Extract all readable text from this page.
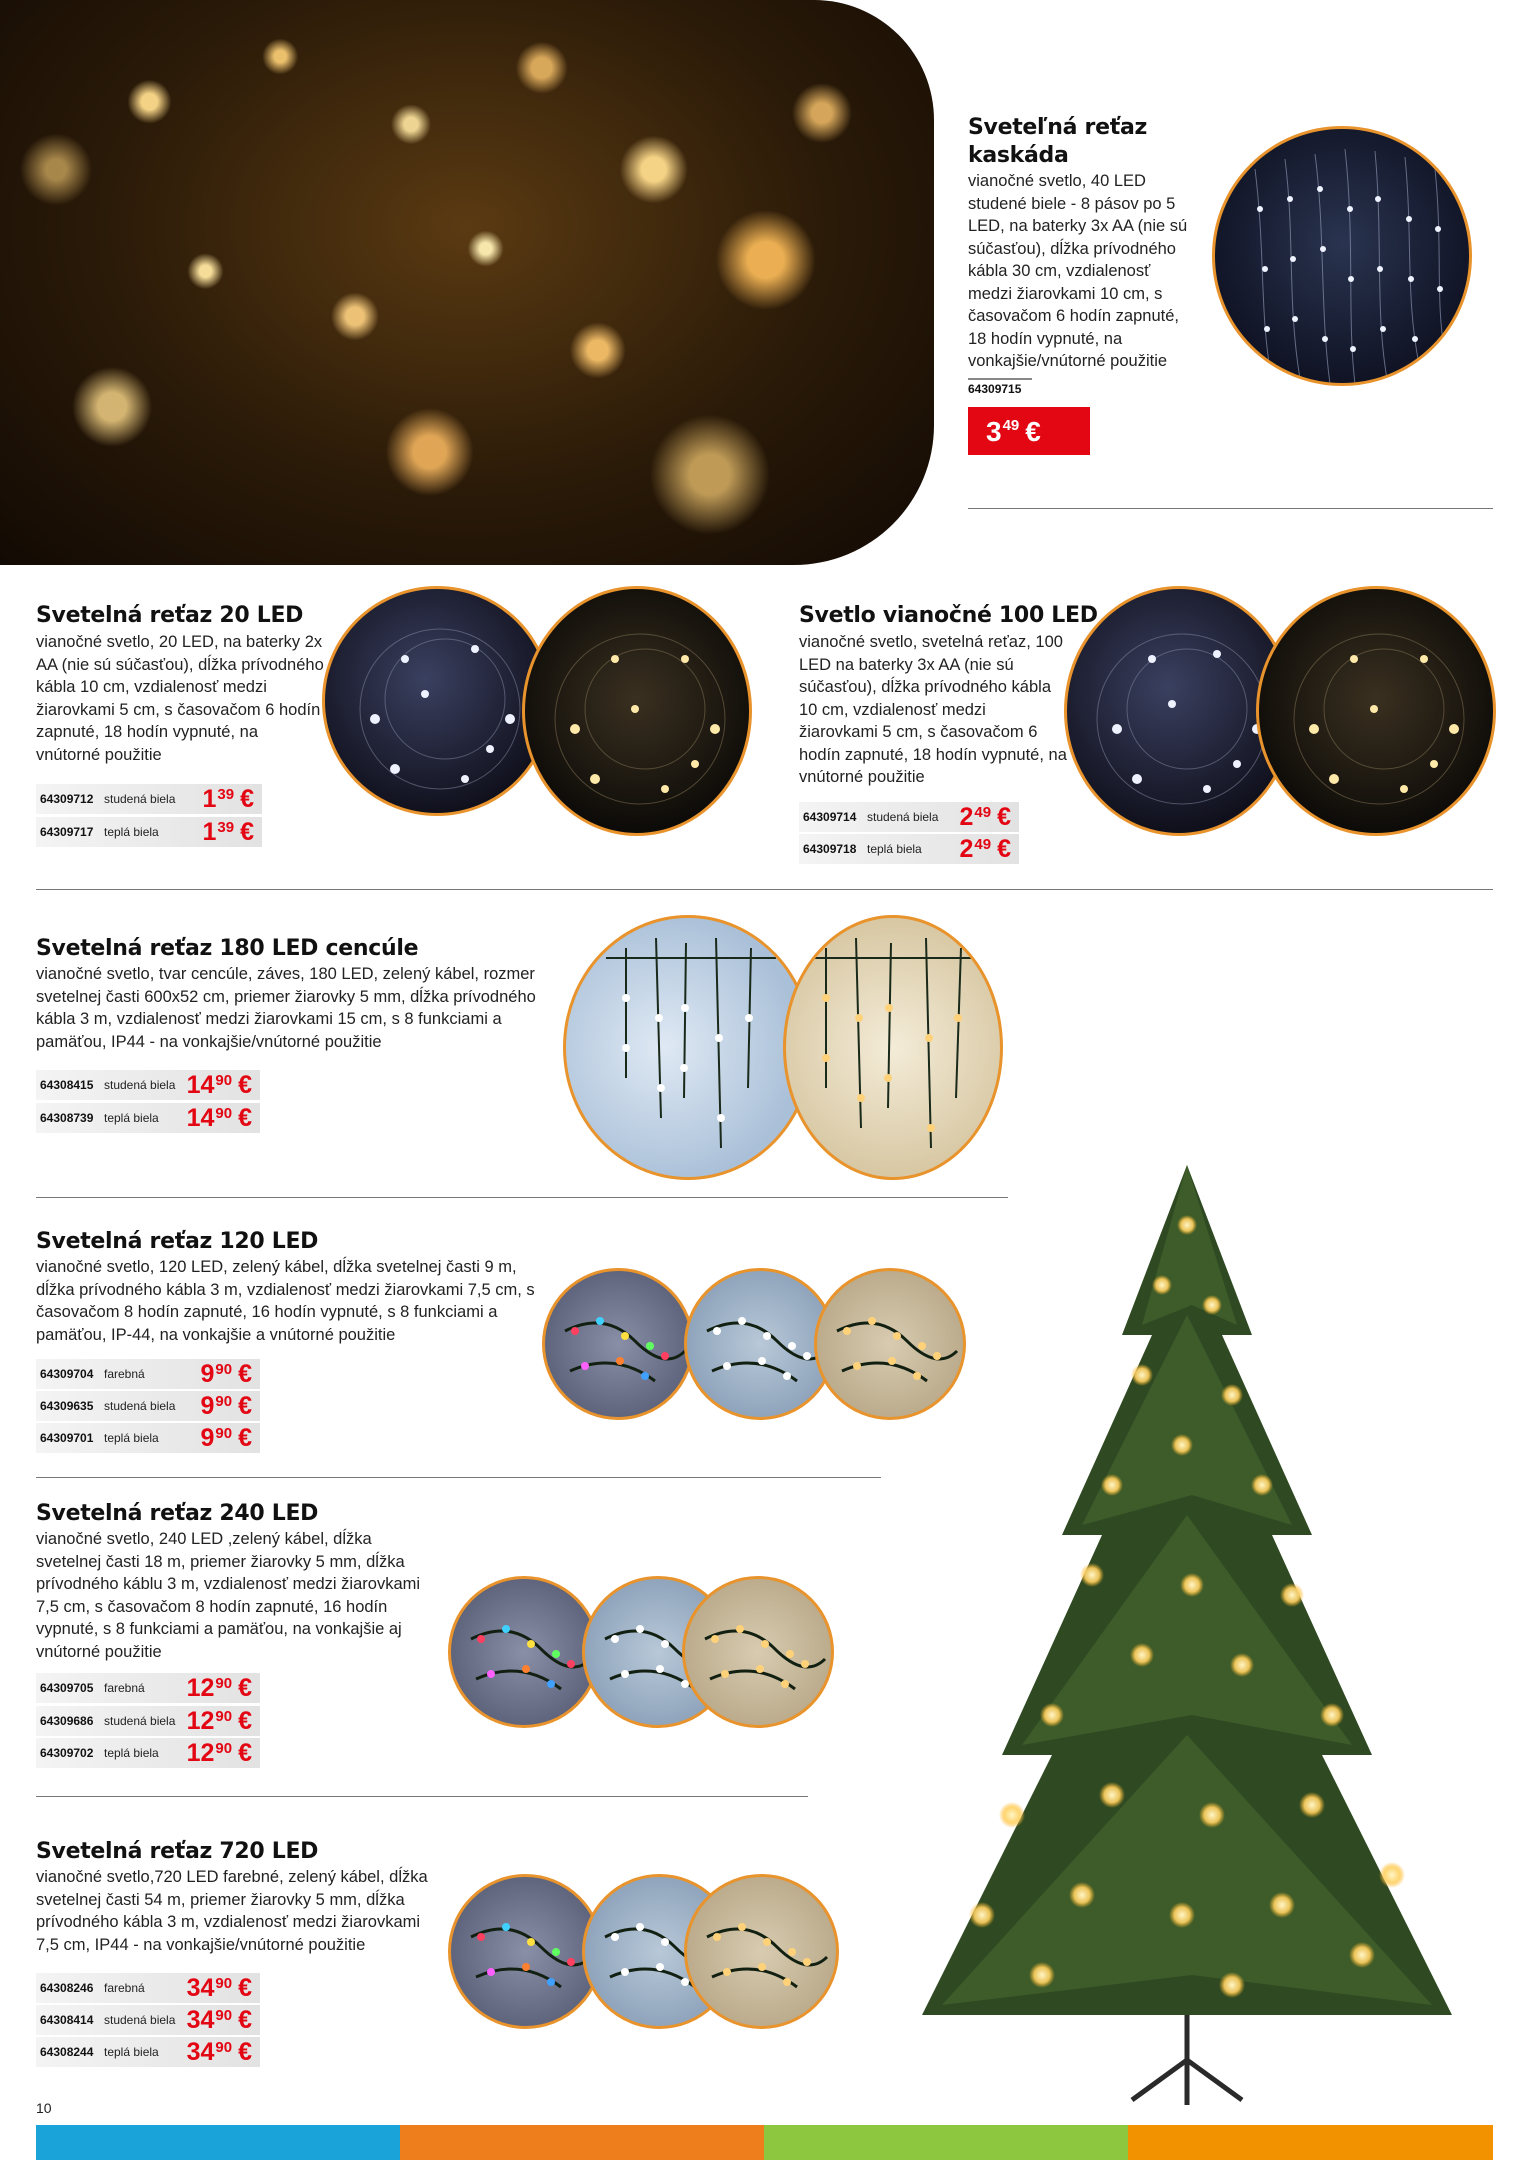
Sveteľná reťaz kaskáda
vianočné svetlo, 40 LED studené biele - 8 pásov po 5 LED, na baterky 3x AA (nie sú súčasťou), dĺžka prívodného kábla 30 cm, vzdialenosť medzi žiarovkami 10 cm, s časovačom 6 hodín zapnuté, 18 hodín vypnuté, na vonkajšie/vnútorné použitie
64309715
$3^{49}$ €
Svetelná reťaz 20 LED
vianočné svetlo, 20 LED, na baterky 2x AA (nie sú súčasťou), dĺžka prívodného kábla 10 cm, vzdialenosť medzi žiarovkami 5 cm, s časovačom 6 hodín zapnuté, 18 hodín vypnuté, na vnútorné použitie
64309712 studená biela $1^{39}$ €
64309717 teplá biela $1^{39}$ €
Svetlo vianočné 100 LED
vianočné svetlo, svetelná reťaz, 100 LED na baterky 3x AA (nie sú súčasťou), dĺžka prívodného kábla 10 cm, vzdialenosť medzi žiarovkami 5 cm, s časovačom 6 hodín zapnuté, 18 hodín vypnuté, na vnútorné použitie
64309714 studená biela $2^{49}$ €
64309718 teplá biela $2^{49}$ €
Svetelná reťaz 180 LED cencúle
vianočné svetlo, tvar cencúle, záves, 180 LED, zelený kábel, rozmer svetelnej časti 600x52 cm, priemer žiarovky 5 mm, dĺžka prívodného kábla 3 m, vzdialenosť medzi žiarovkami 15 cm, s 8 funkciami a pamäťou, IP44 - na vonkajšie/vnútorné použitie
64308415 studená biela $14^{90}$ €
64308739 teplá biela $14^{90}$ €
Svetelná reťaz 120 LED
vianočné svetlo, 120 LED, zelený kábel, dĺžka svetelnej časti 9 m, dĺžka prívodného kábla 3 m, vzdialenosť medzi žiarovkami 7,5 cm, s časovačom 8 hodín zapnuté, 16 hodín vypnuté, s 8 funkciami a pamäťou, IP-44, na vonkajšie a vnútorné použitie
64309704 farebná $9^{90}$ €
64309635 studená biela $9^{90}$ €
64309701 teplá biela $9^{90}$ €
Svetelná reťaz 240 LED
vianočné svetlo, 240 LED ,zelený kábel, dĺžka svetelnej časti 18 m, priemer žiarovky 5 mm, dĺžka prívodného káblu 3 m, vzdialenosť medzi žiarovkami 7,5 cm, s časovačom 8 hodín zapnuté, 16 hodín vypnuté, s 8 funkciami a pamäťou, na vonkajšie aj vnútorné použitie
64309705 farebná $12^{90}$ €
64309686 studená biela $12^{90}$ €
64309702 teplá biela $12^{90}$ €
Svetelná reťaz 720 LED
vianočné svetlo,720 LED farebné, zelený kábel, dĺžka svetelnej časti 54 m, priemer žiarovky 5 mm, dĺžka prívodného kábla 3 m, vzdialenosť medzi žiarovkami 7,5 cm, IP44 - na vonkajšie/vnútorné použitie
64308246 farebná $34^{90}$ €
64308414 studená biela $34^{90}$ €
64308244 teplá biela $34^{90}$ €
10
